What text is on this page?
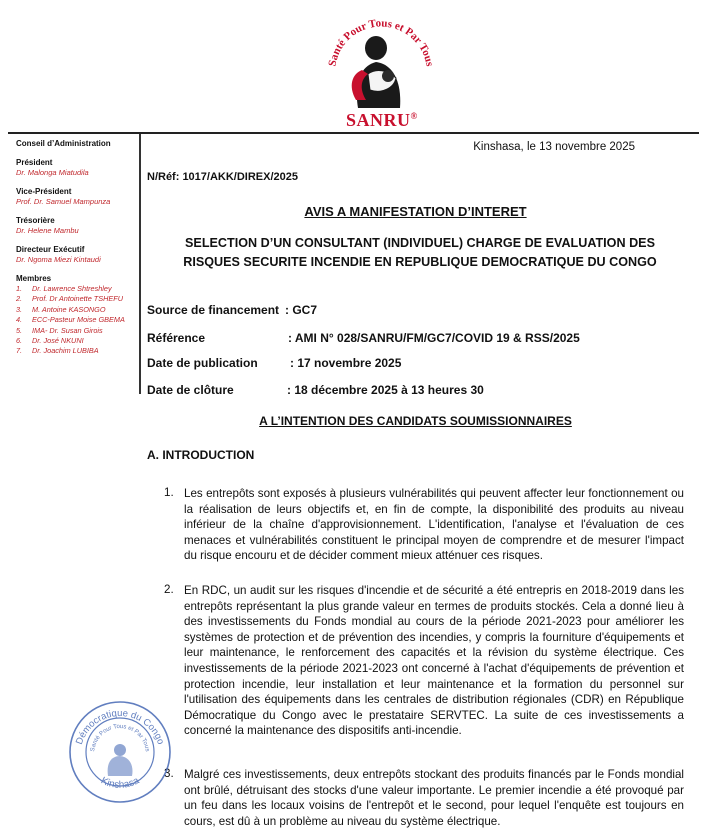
Santé Pour Tous et Par Tous
SANRU®
Conseil d’Administration
Président
Dr. Malonga Miatudila
Vice-Président
Prof. Dr. Samuel Mampunza
Trésorière
Dr. Helene Mambu
Directeur Exécutif
Dr. Ngoma Miezi Kintaudi
Membres
1. Dr. Lawrence Shtreshley
2. Prof. Dr Antoinette TSHEFU
3. M. Antoine KASONGO
4. ECC-Pasteur Moise GBEMA
5. IMA- Dr. Susan Girois
6. Dr. José NKUNI
7. Dr. Joachim LUBIBA
Kinshasa, le 13 novembre 2025
N/Réf: 1017/AKK/DIREX/2025
AVIS A MANIFESTATION D’INTERET
SELECTION D’UN CONSULTANT (INDIVIDUEL) CHARGE DE EVALUATION DES
RISQUES SECURITE INCENDIE EN REPUBLIQUE DEMOCRATIQUE DU CONGO
Source de financement : GC7
Référence	: AMI N° 028/SANRU/FM/GC7/COVID 19 & RSS/2025
Date de publication	: 17 novembre 2025
Date de clôture	: 18 décembre 2025 à 13 heures 30
A L’INTENTION DES CANDIDATS SOUMISSIONNAIRES
A. INTRODUCTION
1. Les entrepôts sont exposés à plusieurs vulnérabilités qui peuvent affecter leur fonctionnement ou la réalisation de leurs objectifs et, en fin de compte, la disponibilité des produits au niveau inférieur de la chaîne d'approvisionnement. L'identification, l'analyse et l'évaluation de ces menaces et vulnérabilités constituent le principal moyen de comprendre et de mesurer l'impact du risque encouru et de décider comment mieux atténuer ces risques.
2. En RDC, un audit sur les risques d'incendie et de sécurité a été entrepris en 2018-2019 dans les entrepôts représentant la plus grande valeur en termes de produits stockés. Cela a donné lieu à des investissements du Fonds mondial au cours de la période 2021-2023 pour améliorer les systèmes de protection et de prévention des incendies, y compris la fourniture d'équipements et leur maintenance, le renforcement des capacités et la révision du système électrique. Ces investissements de la période 2021-2023 ont concerné à l'achat d'équipements de prévention et protection incendie, leur installation et leur maintenance et la formation du personnel sur l'utilisation des équipements dans les centrales de distribution régionales (CDR) en République Démocratique du Congo avec le prestataire SERVTEC. La suite de ces investissements a concerné la maintenance des dispositifs anti-incendie.
3. Malgré ces investissements, deux entrepôts stockant des produits financés par le Fonds mondial ont brûlé, détruisant des stocks d'une valeur importante. Le premier incendie a été provoqué par un feu dans les locaux voisins de l'entrepôt et le second, pour lequel l'enquête est toujours en cours, est dû à un problème au niveau du système électrique.
Démocratique du Congo
Santé Pour Tous et Par Tous
Kinshasa
